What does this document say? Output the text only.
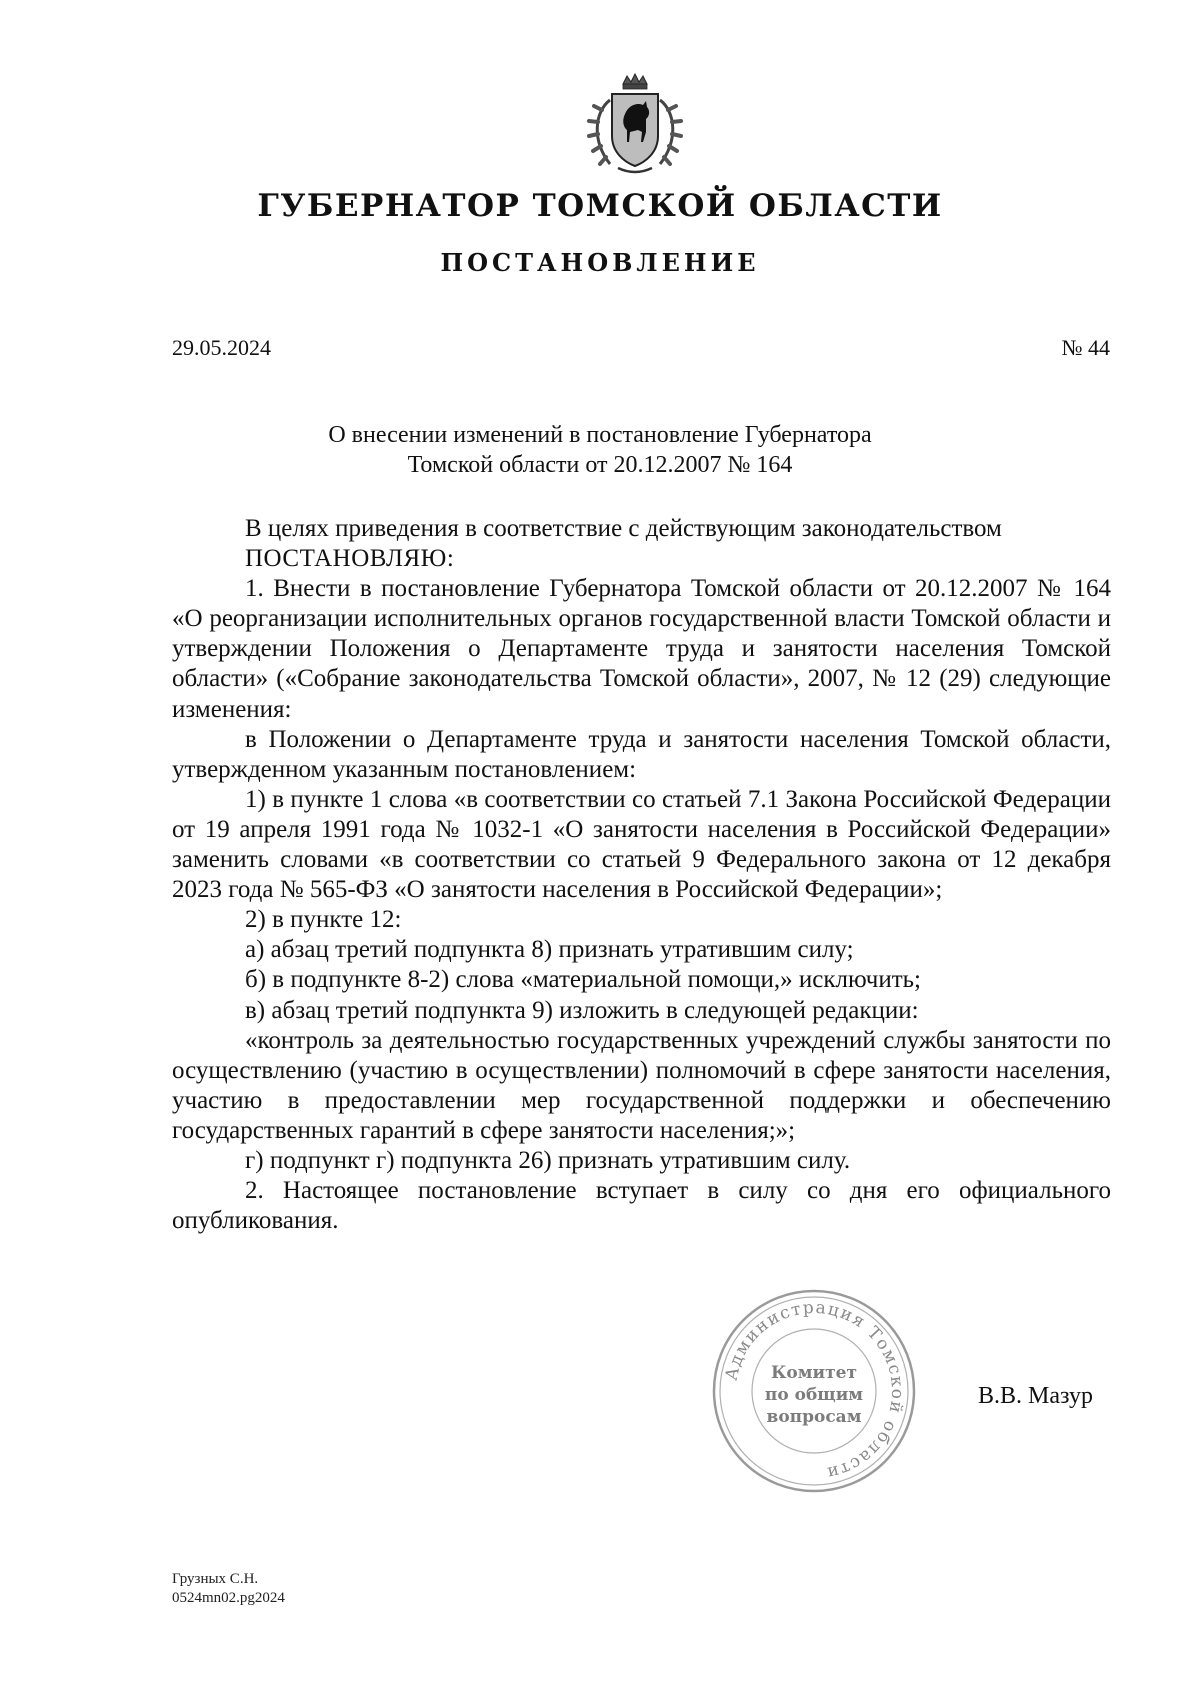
ГУБЕРНАТОР ТОМСКОЙ ОБЛАСТИ
ПОСТАНОВЛЕНИЕ
29.05.2024	№ 44
О внесении изменений в постановление Губернатора
Томской области от 20.12.2007 № 164

В целях приведения в соответствие с действующим законодательством

ПОСТАНОВЛЯЮ:

1. Внести в постановление Губернатора Томской области от 20.12.2007 № 164 «О реорганизации исполнительных органов государственной власти Томской области и утверждении Положения о Департаменте труда и занятости населения Томской области» («Собрание законодательства Томской области», 2007, № 12 (29) следующие изменения:

в Положении о Департаменте труда и занятости населения Томской области, утвержденном указанным постановлением:

1) в пункте 1 слова «в соответствии со статьей 7.1 Закона Российской Федерации от 19 апреля 1991 года № 1032-1 «О занятости населения в Российской Федерации» заменить словами «в соответствии со статьей 9 Федерального закона от 12 декабря 2023 года № 565-ФЗ «О занятости населения в Российской Федерации»;

2) в пункте 12:

а) абзац третий подпункта 8) признать утратившим силу;

б) в подпункте 8-2) слова «материальной помощи,» исключить;

в) абзац третий подпункта 9) изложить в следующей редакции:

«контроль за деятельностью государственных учреждений службы занятости по осуществлению (участию в осуществлении) полномочий в сфере занятости населения, участию в предоставлении мер государственной поддержки и обеспечению государственных гарантий в сфере занятости населения;»;

г) подпункт г) подпункта 26) признать утратившим силу.

2. Настоящее постановление вступает в силу со дня его официального опубликования.

Администрация Томской области
Комитет
по общим
вопросам
В.В. Мазур
Грузных С.Н.
0524mn02.pg2024
